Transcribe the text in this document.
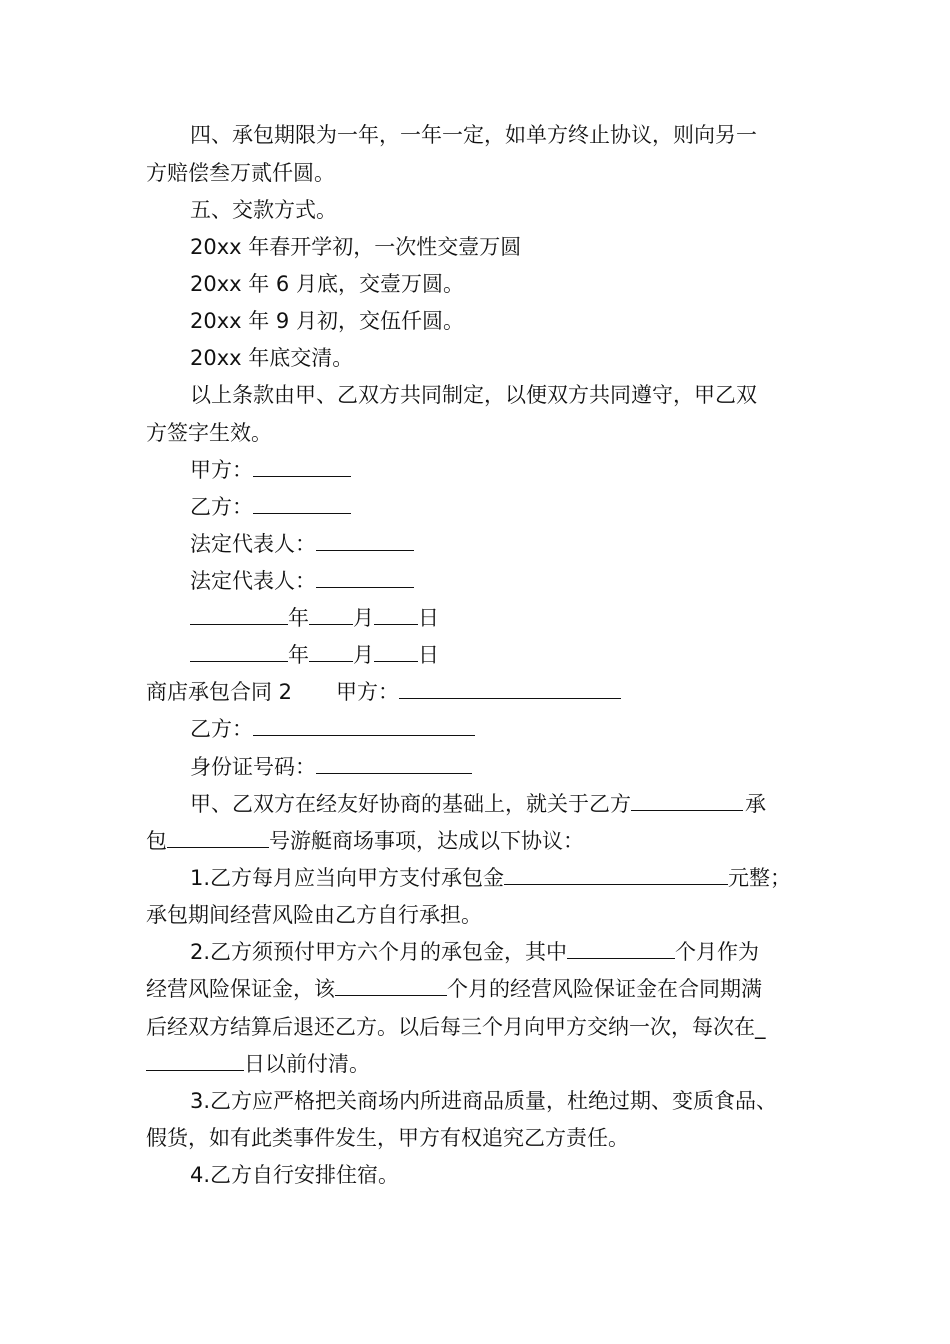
四、承包期限为一年，一年一定，如单方终止协议，则向另一

方赔偿叁万贰仟圆。

五、交款方式。

20xx 年春开学初，一次性交壹万圆

20xx 年 6 月底，交壹万圆。

20xx 年 9 月初，交伍仟圆。

20xx 年底交清。

以上条款由甲、乙双方共同制定，以便双方共同遵守，甲乙双

方签字生效。

甲方：

乙方：

法定代表人：

法定代表人：

年 月 日

年 月 日

商店承包合同 2 甲方：

乙方：

身份证号码：

甲、乙双方在经友好协商的基础上，就关于乙方	承

包	号游艇商场事项，达成以下协议：

1.乙方每月应当向甲方支付承包金	元整；

承包期间经营风险由乙方自行承担。

2.乙方须预付甲方六个月的承包金，其中	个月作为

经营风险保证金，该	个月的经营风险保证金在合同期满

后经双方结算后退还乙方。以后每三个月向甲方交纳一次，每次在_

日以前付清。

3.乙方应严格把关商场内所进商品质量，杜绝过期、变质食品、

假货，如有此类事件发生，甲方有权追究乙方责任。

4.乙方自行安排住宿。
